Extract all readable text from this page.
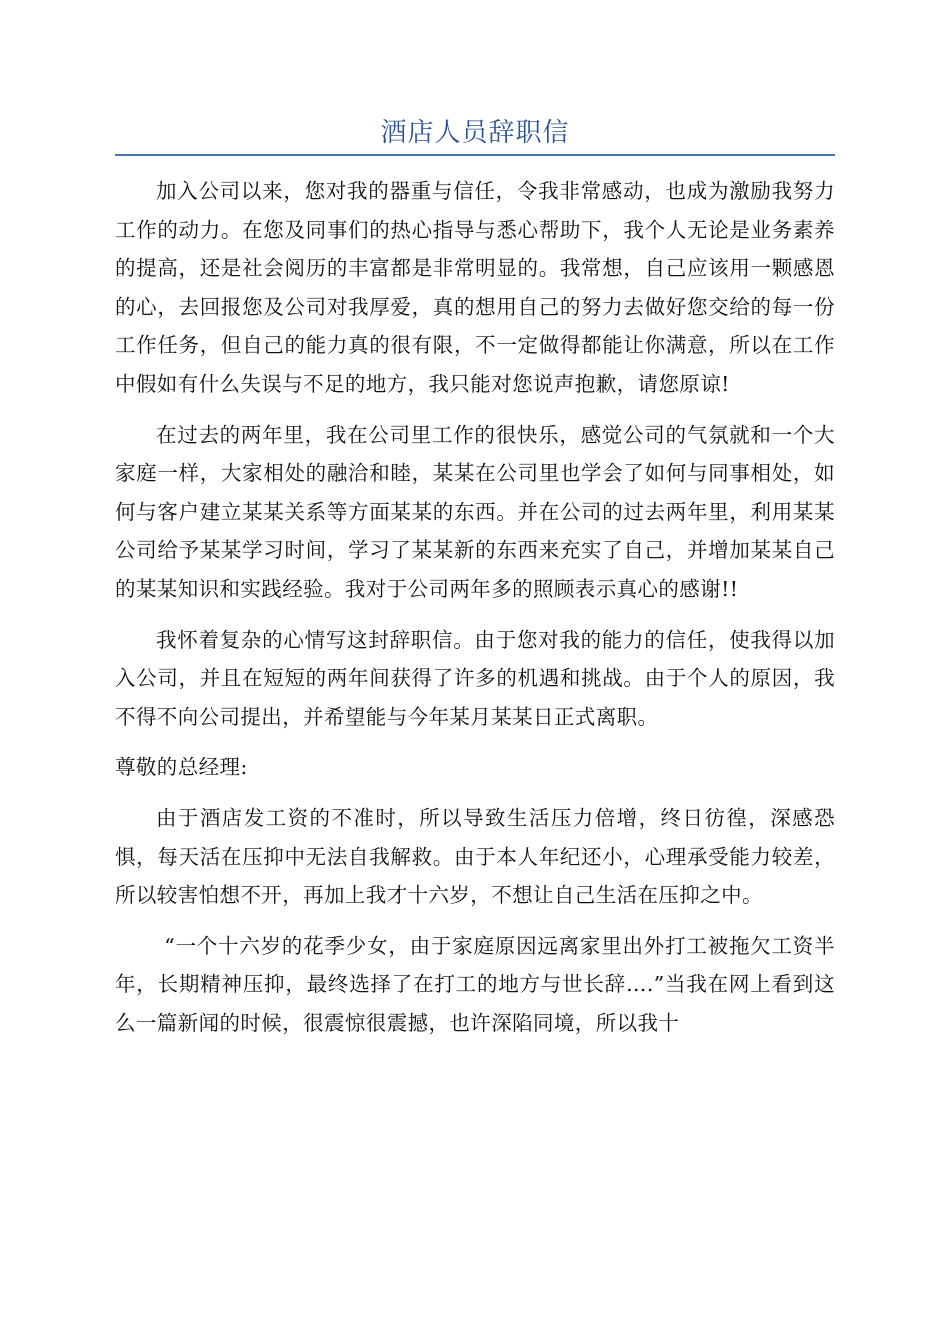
酒店人员辞职信

加入公司以来，您对我的器重与信任，令我非常感动，也成为激励我努力工作的动力。在您及同事们的热心指导与悉心帮助下，我个人无论是业务素养的提高，还是社会阅历的丰富都是非常明显的。我常想，自己应该用一颗感恩的心，去回报您及公司对我厚爱，真的想用自己的努力去做好您交给的每一份工作任务，但自己的能力真的很有限，不一定做得都能让你满意，所以在工作中假如有什么失误与不足的地方，我只能对您说声抱歉，请您原谅!

在过去的两年里，我在公司里工作的很快乐，感觉公司的气氛就和一个大家庭一样，大家相处的融洽和睦，某某在公司里也学会了如何与同事相处，如何与客户建立某某关系等方面某某的东西。并在公司的过去两年里，利用某某公司给予某某学习时间，学习了某某新的东西来充实了自己，并增加某某自己的某某知识和实践经验。我对于公司两年多的照顾表示真心的感谢!!

我怀着复杂的心情写这封辞职信。由于您对我的能力的信任，使我得以加入公司，并且在短短的两年间获得了许多的机遇和挑战。由于个人的原因，我不得不向公司提出，并希望能与今年某月某某日正式离职。

尊敬的总经理:

由于酒店发工资的不准时，所以导致生活压力倍增，终日彷徨，深感恐惧，每天活在压抑中无法自我解救。由于本人年纪还小，心理承受能力较差，所以较害怕想不开，再加上我才十六岁，不想让自己生活在压抑之中。

“一个十六岁的花季少女，由于家庭原因远离家里出外打工被拖欠工资半年，长期精神压抑，最终选择了在打工的地方与世长辞….”当我在网上看到这么一篇新闻的时候，很震惊很震撼，也许深陷同境，所以我十
